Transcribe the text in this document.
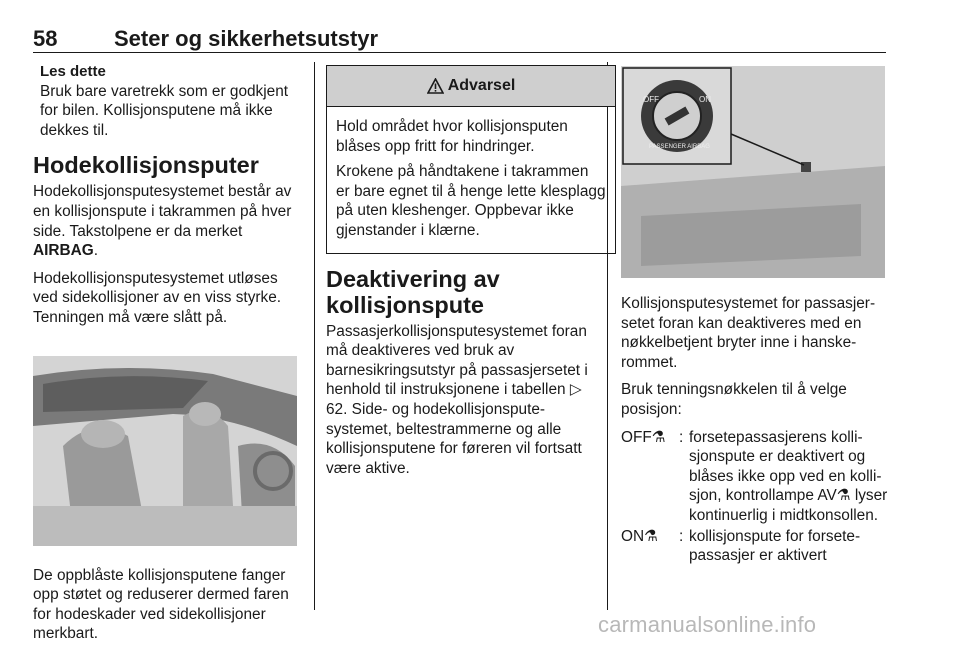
58	Seter og sikkerhetsutstyr
Les dette
Bruk bare varetrekk som er godkjent for bilen. Kollisjonsputene må ikke dekkes til.
Hodekollisjonsputer

Hodekollisjonsputesystemet består av en kollisjonspute i takrammen på hver side. Takstolpene er da merket AIRBAG.

Hodekollisjonsputesystemet utløses ved sidekollisjoner av en viss styrke. Tenningen må være slått på.

De oppblåste kollisjonsputene fanger opp støtet og reduserer dermed faren for hodeskader ved sidekollisjoner merkbart.

Advarsel

Hold området hvor kollisjonsputen blåses opp fritt for hindringer.

Krokene på håndtakene i takrammen er bare egnet til å henge lette klesplagg på uten kleshenger. Oppbevar ikke gjenstander i klærne.

Deaktivering av kollisjonspute

Passasjerkollisjonsputesystemet foran må deaktiveres ved bruk av barnesikringsutstyr på passasjersetet i henhold til instruksjonene i tabellen ▷ 62. Side- og hodekollisjonsputesystemet, beltestrammerne og alle kollisjonsputene for føreren vil fortsatt være aktive.

OFF	ON
PASSENGER AIRBAG

Kollisjonsputesystemet for passasjersetet foran kan deaktiveres med en nøkkelbetjent bryter inne i hanskerommet.

Bruk tenningsnøkkelen til å velge posisjon:

OFF⚗ : forsetepassasjerens kollisjonspute er deaktivert og blåses ikke opp ved en kollisjon, kontrollampe AV⚗ lyser kontinuerlig i midtkonsollen.
ON⚗	: kollisjonspute for forsetepassasjer er aktivert
carmanualsonline.info
